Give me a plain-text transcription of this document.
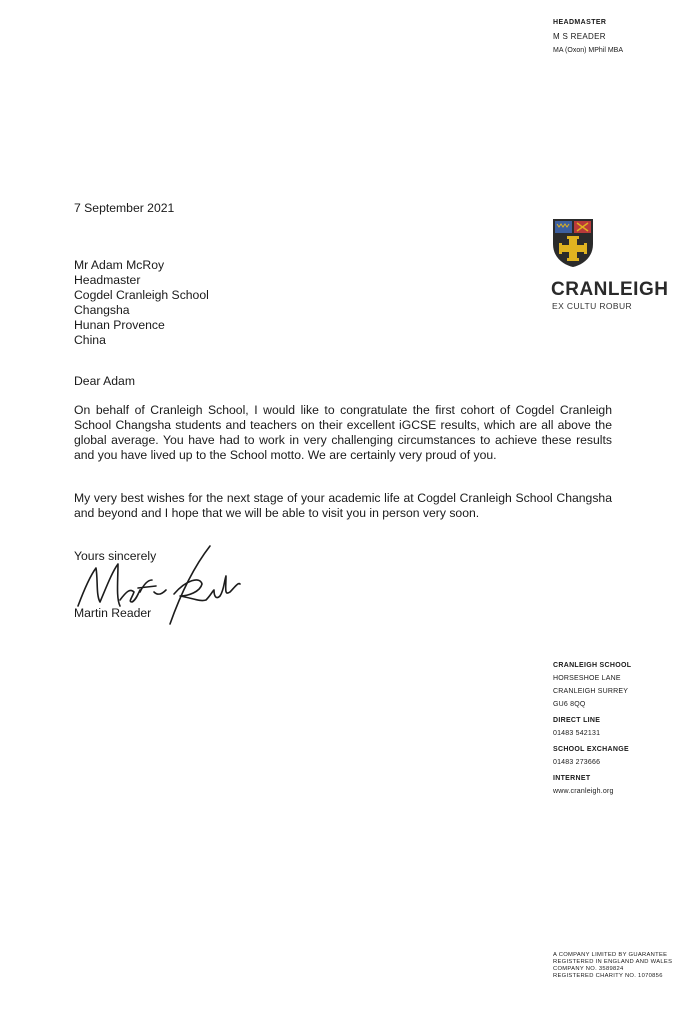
HEADMASTER
M S READER
MA (Oxon) MPhil MBA
7 September 2021
CRANLEIGH
EX CULTU ROBUR
Mr Adam McRoy
Headmaster
Cogdel Cranleigh School
Changsha
Hunan Provence
China
Dear Adam
On behalf of Cranleigh School, I would like to congratulate the first cohort of Cogdel Cranleigh School Changsha students and teachers on their excellent iGCSE results, which are all above the global average. You have had to work in very challenging circumstances to achieve these results and you have lived up to the School motto. We are certainly very proud of you.
My very best wishes for the next stage of your academic life at Cogdel Cranleigh School Changsha and beyond and I hope that we will be able to visit you in person very soon.
Yours sincerely
Martin Reader
CRANLEIGH SCHOOL
HORSESHOE LANE
CRANLEIGH SURREY
GU6 8QQ
DIRECT LINE
01483 542131
SCHOOL EXCHANGE
01483 273666
INTERNET
www.cranleigh.org
A COMPANY LIMITED BY GUARANTEE
REGISTERED IN ENGLAND AND WALES
COMPANY NO. 3589824
REGISTERED CHARITY NO. 1070856
